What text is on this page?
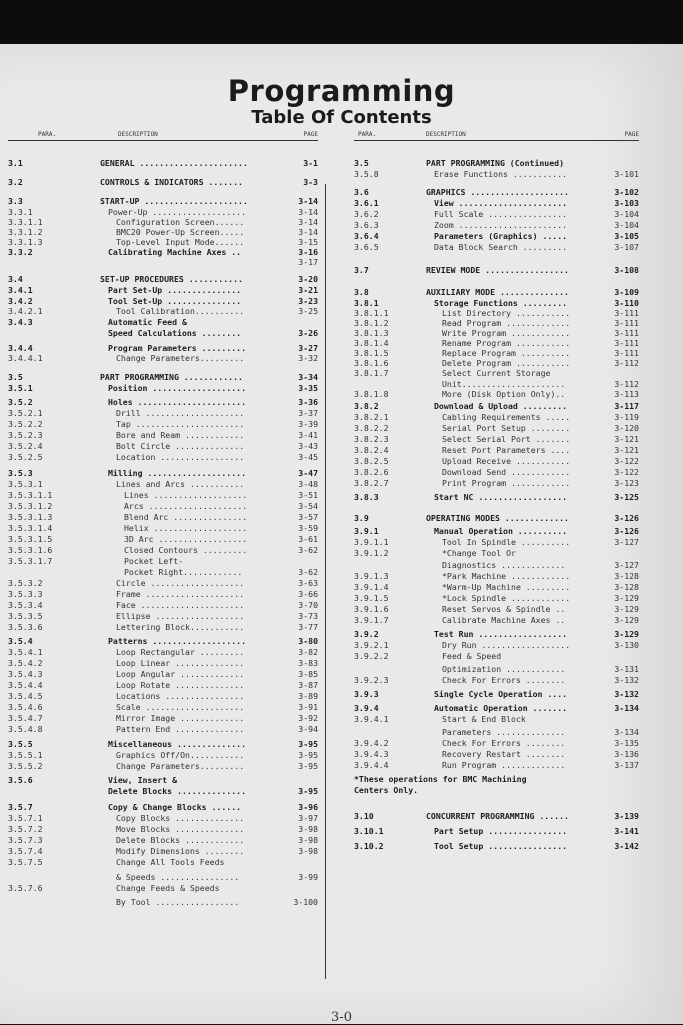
Programming
Table Of Contents
PARA.	DESCRIPTION	PAGE
3.1	GENERAL ......................	3-1
3.2	CONTROLS & INDICATORS .......	3-3
3.3	START-UP .....................	3-14
3.3.1	Power-Up ...................	3-14
3.3.1.1	Configuration Screen......	3-14
3.3.1.2	BMC20 Power-Up Screen.....	3-14
3.3.1.3	Top-Level Input Mode......	3-15
3.3.2	Calibrating Machine Axes ..	3-16
3-17
3.4	SET-UP PROCEDURES ...........	3-20
3.4.1	Part Set-Up ...............	3-21
3.4.2	Tool Set-Up ...............	3-23
3.4.2.1	Tool Calibration..........	3-25
3.4.3	Automatic Feed &
Speed Calculations ........	3-26
3.4.4	Program Parameters .........	3-27
3.4.4.1	Change Parameters.........	3-32
3.5	PART PROGRAMMING ............	3-34
3.5.1	Position ...................	3-35
3.5.2	Holes ......................	3-36
3.5.2.1	Drill ....................	3-37
3.5.2.2	Tap ......................	3-39
3.5.2.3	Bore and Ream ............	3-41
3.5.2.4	Bolt Circle ..............	3-43
3.5.2.5	Location .................	3-45
3.5.3	Milling ....................	3-47
3.5.3.1	Lines and Arcs ...........	3-48
3.5.3.1.1	Lines ...................	3-51
3.5.3.1.2	Arcs ....................	3-54
3.5.3.1.3	Blend Arc ...............	3-57
3.5.3.1.4	Helix ...................	3-59
3.5.3.1.5	3D Arc ..................	3-61
3.5.3.1.6	Closed Contours .........	3-62
3.5.3.1.7	Pocket Left-
Pocket Right............	3-62
3.5.3.2	Circle ...................	3-63
3.5.3.3	Frame ....................	3-66
3.5.3.4	Face .....................	3-70
3.5.3.5	Ellipse ..................	3-73
3.5.3.6	Lettering Block...........	3-77
3.5.4	Patterns ...................	3-80
3.5.4.1	Loop Rectangular .........	3-82
3.5.4.2	Loop Linear ..............	3-83
3.5.4.3	Loop Angular .............	3-85
3.5.4.4	Loop Rotate ..............	3-87
3.5.4.5	Locations ................	3-89
3.5.4.6	Scale ....................	3-91
3.5.4.7	Mirror Image .............	3-92
3.5.4.8	Pattern End ..............	3-94
3.5.5	Miscellaneous ..............	3-95
3.5.5.1	Graphics Off/On...........	3-95
3.5.5.2	Change Parameters.........	3-95
3.5.6	View, Insert &
Delete Blocks ..............	3-95
3.5.7	Copy & Change Blocks ......	3-96
3.5.7.1	Copy Blocks ..............	3-97
3.5.7.2	Move Blocks ..............	3-98
3.5.7.3	Delete Blocks ............	3-98
3.5.7.4	Modify Dimensions ........	3-98
3.5.7.5	Change All Tools Feeds
& Speeds ................	3-99
3.5.7.6	Change Feeds & Speeds
By Tool .................	3-100
PARA.	DESCRIPTION	PAGE
3.5	PART PROGRAMMING (Continued)
3.5.8	Erase Functions ...........	3-101
3.6	GRAPHICS ....................	3-102
3.6.1	View ......................	3-103
3.6.2	Full Scale ................	3-104
3.6.3	Zoom ......................	3-104
3.6.4	Parameters (Graphics) .....	3-105
3.6.5	Data Block Search .........	3-107
3.7	REVIEW MODE .................	3-108
3.8	AUXILIARY MODE ..............	3-109
3.8.1	Storage Functions .........	3-110
3.8.1.1	List Directory ...........	3-111
3.8.1.2	Read Program .............	3-111
3.8.1.3	Write Program ............	3-111
3.8.1.4	Rename Program ...........	3-111
3.8.1.5	Replace Program ..........	3-111
3.8.1.6	Delete Program ...........	3-112
3.8.1.7	Select Current Storage
Unit.....................	3-112
3.8.1.8	More (Disk Option Only)..	3-113
3.8.2	Download & Upload .........	3-117
3.8.2.1	Cabling Requirements .....	3-119
3.8.2.2	Serial Port Setup ........	3-120
3.8.2.3	Select Serial Port .......	3-121
3.8.2.4	Reset Port Parameters ....	3-121
3.8.2.5	Upload Receive ...........	3-122
3.8.2.6	Download Send ............	3-122
3.8.2.7	Print Program ............	3-123
3.8.3	Start NC ..................	3-125
3.9	OPERATING MODES .............	3-126
3.9.1	Manual Operation ..........	3-126
3.9.1.1	Tool In Spindle ..........	3-127
3.9.1.2	*Change Tool Or
Diagnostics .............	3-127
3.9.1.3	*Park Machine ............	3-128
3.9.1.4	*Warm-Up Machine .........	3-128
3.9.1.5	*Lock Spindle ............	3-129
3.9.1.6	Reset Servos & Spindle ..	3-129
3.9.1.7	Calibrate Machine Axes ..	3-129
3.9.2	Test Run ..................	3-129
3.9.2.1	Dry Run ..................	3-130
3.9.2.2	Feed & Speed
Optimization ............	3-131
3.9.2.3	Check For Errors ........	3-132
3.9.3	Single Cycle Operation ....	3-132
3.9.4	Automatic Operation .......	3-134
3.9.4.1	Start & End Block
Parameters ..............	3-134
3.9.4.2	Check For Errors ........	3-135
3.9.4.3	Recovery Restart ........	3-136
3.9.4.4	Run Program .............	3-137
*These operations for BMC Machining
Centers Only.
3.10	CONCURRENT PROGRAMMING ......	3-139
3.10.1	Part Setup ................	3-141
3.10.2	Tool Setup ................	3-142
3-0
